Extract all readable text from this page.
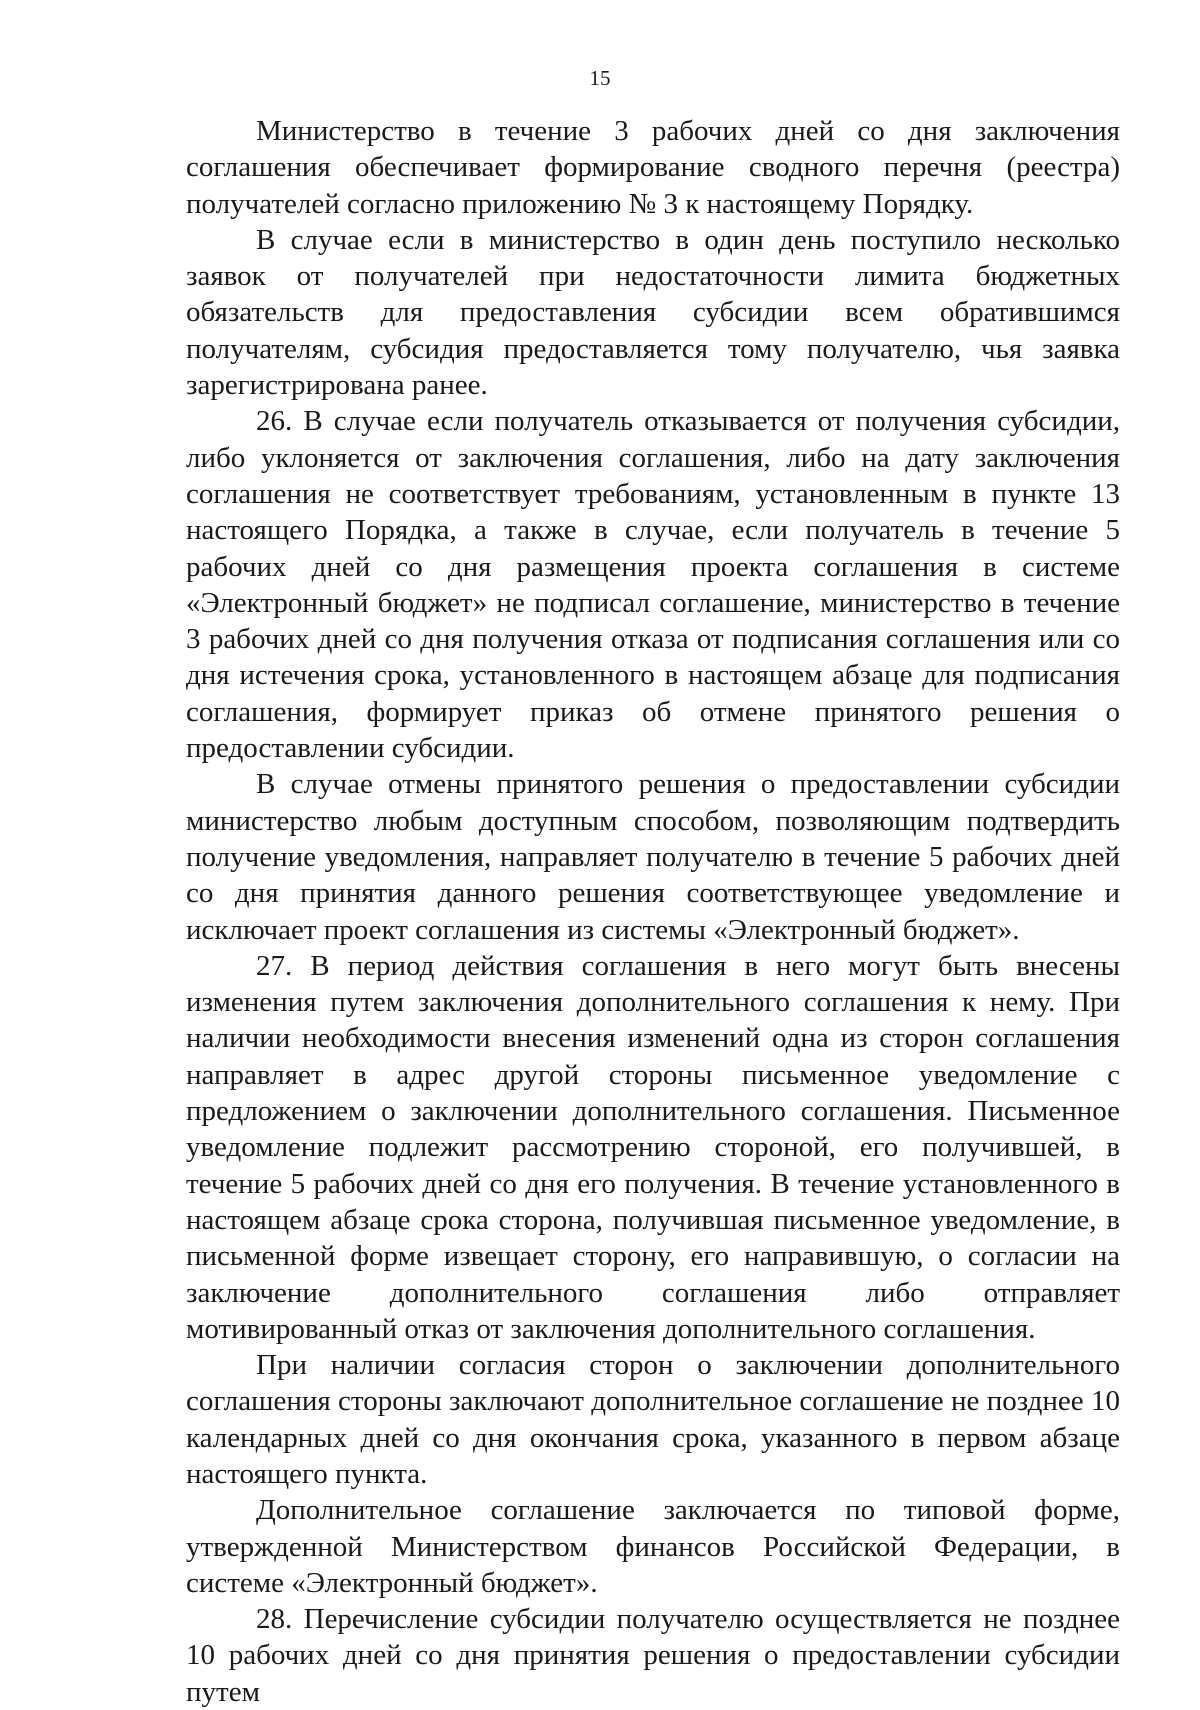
15

Министерство в течение 3 рабочих дней со дня заключения соглашения обеспечивает формирование сводного перечня (реестра) получателей согласно приложению № 3 к настоящему Порядку.

В случае если в министерство в один день поступило несколько заявок от получателей при недостаточности лимита бюджетных обязательств для предоставления субсидии всем обратившимся получателям, субсидия предоставляется тому получателю, чья заявка зарегистрирована ранее.

26. В случае если получатель отказывается от получения субсидии, либо уклоняется от заключения соглашения, либо на дату заключения соглашения не соответствует требованиям, установленным в пункте 13 настоящего Порядка, а также в случае, если получатель в течение 5 рабочих дней со дня размещения проекта соглашения в системе «Электронный бюджет» не подписал соглашение, министерство в течение 3 рабочих дней со дня получения отказа от подписания соглашения или со дня истечения срока, установленного в настоящем абзаце для подписания соглашения, формирует приказ об отмене принятого решения о предоставлении субсидии.

В случае отмены принятого решения о предоставлении субсидии министерство любым доступным способом, позволяющим подтвердить получение уведомления, направляет получателю в течение 5 рабочих дней со дня принятия данного решения соответствующее уведомление и исключает проект соглашения из системы «Электронный бюджет».

27. В период действия соглашения в него могут быть внесены изменения путем заключения дополнительного соглашения к нему. При наличии необходимости внесения изменений одна из сторон соглашения направляет в адрес другой стороны письменное уведомление с предложением о заключении дополнительного соглашения. Письменное уведомление подлежит рассмотрению стороной, его получившей, в течение 5 рабочих дней со дня его получения. В течение установленного в настоящем абзаце срока сторона, получившая письменное уведомление, в письменной форме извещает сторону, его направившую, о согласии на заключение дополнительного соглашения либо отправляет мотивированный отказ от заключения дополнительного соглашения.

При наличии согласия сторон о заключении дополнительного соглашения стороны заключают дополнительное соглашение не позднее 10 календарных дней со дня окончания срока, указанного в первом абзаце настоящего пункта.

Дополнительное соглашение заключается по типовой форме, утвержденной Министерством финансов Российской Федерации, в системе «Электронный бюджет».

28. Перечисление субсидии получателю осуществляется не позднее 10 рабочих дней со дня принятия решения о предоставлении субсидии путем
